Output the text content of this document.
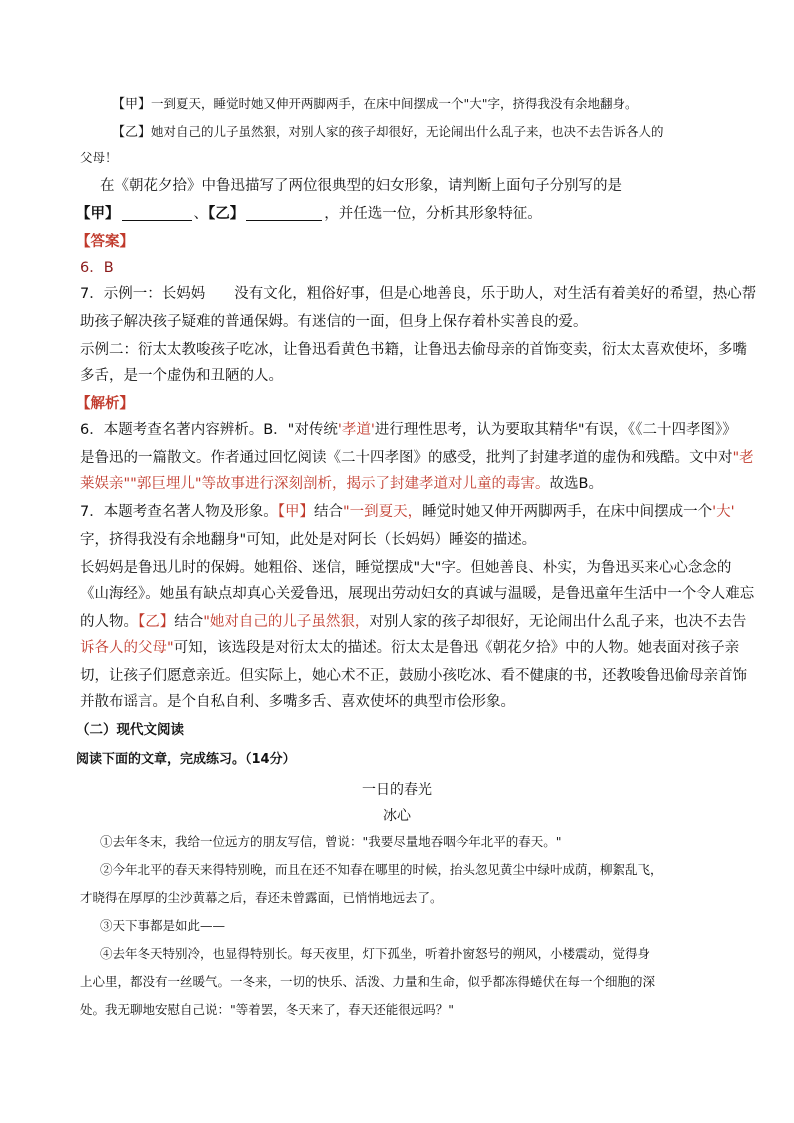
【甲】一到夏天，睡觉时她又伸开两脚两手，在床中间摆成一个"大"字，挤得我没有余地翻身。
【乙】她对自己的儿子虽然狠，对别人家的孩子却很好，无论闹出什么乱子来，也决不去告诉各人的
父母！
在《朝花夕拾》中鲁迅描写了两位很典型的妇女形象，请判断上面句子分别写的是
【甲】	、【乙】	，并任选一位，分析其形象特征。
【答案】
6．B
7．示例一：长妈妈　　没有文化，粗俗好事，但是心地善良，乐于助人，对生活有着美好的希望，热心帮
助孩子解决孩子疑难的普通保姆。有迷信的一面，但身上保存着朴实善良的爱。
示例二：衍太太教唆孩子吃冰，让鲁迅看黄色书籍，让鲁迅去偷母亲的首饰变卖，衍太太喜欢使坏，多嘴
多舌，是一个虚伪和丑陋的人。
【解析】
6．本题考查名著内容辨析。B．"对传统'孝道'进行理性思考，认为要取其精华"有误，《《二十四孝图》》
是鲁迅的一篇散文。作者通过回忆阅读《二十四孝图》的感受，批判了封建孝道的虚伪和残酷。文中对"老
莱娱亲""郭巨埋儿"等故事进行深刻剖析，揭示了封建孝道对儿童的毒害。故选B。
7．本题考查名著人物及形象。【甲】结合"一到夏天，睡觉时她又伸开两脚两手，在床中间摆成一个'大'
字，挤得我没有余地翻身"可知，此处是对阿长（长妈妈）睡姿的描述。
长妈妈是鲁迅儿时的保姆。她粗俗、迷信，睡觉摆成"大"字。但她善良、朴实，为鲁迅买来心心念念的
《山海经》。她虽有缺点却真心关爱鲁迅，展现出劳动妇女的真诚与温暖，是鲁迅童年生活中一个令人难忘
的人物。【乙】结合"她对自己的儿子虽然狠，对别人家的孩子却很好，无论闹出什么乱子来，也决不去告
诉各人的父母"可知，该选段是对衍太太的描述。衍太太是鲁迅《朝花夕拾》中的人物。她表面对孩子亲
切，让孩子们愿意亲近。但实际上，她心术不正，鼓励小孩吃冰、看不健康的书，还教唆鲁迅偷母亲首饰
并散布谣言。是个自私自利、多嘴多舌、喜欢使坏的典型市侩形象。
（二）现代文阅读
阅读下面的文章，完成练习。（14分）
一日的春光
冰心
①去年冬末，我给一位远方的朋友写信，曾说："我要尽量地吞咽今年北平的春天。"
②今年北平的春天来得特别晚，而且在还不知春在哪里的时候，抬头忽见黄尘中绿叶成荫，柳絮乱飞，
才晓得在厚厚的尘沙黄幕之后，春还未曾露面，已悄悄地远去了。
③天下事都是如此——
④去年冬天特别冷，也显得特别长。每天夜里，灯下孤坐，听着扑窗怒号的朔风，小楼震动，觉得身
上心里，都没有一丝暖气。一冬来，一切的快乐、活泼、力量和生命，似乎都冻得蜷伏在每一个细胞的深
处。我无聊地安慰自己说："等着罢，冬天来了，春天还能很远吗？"
